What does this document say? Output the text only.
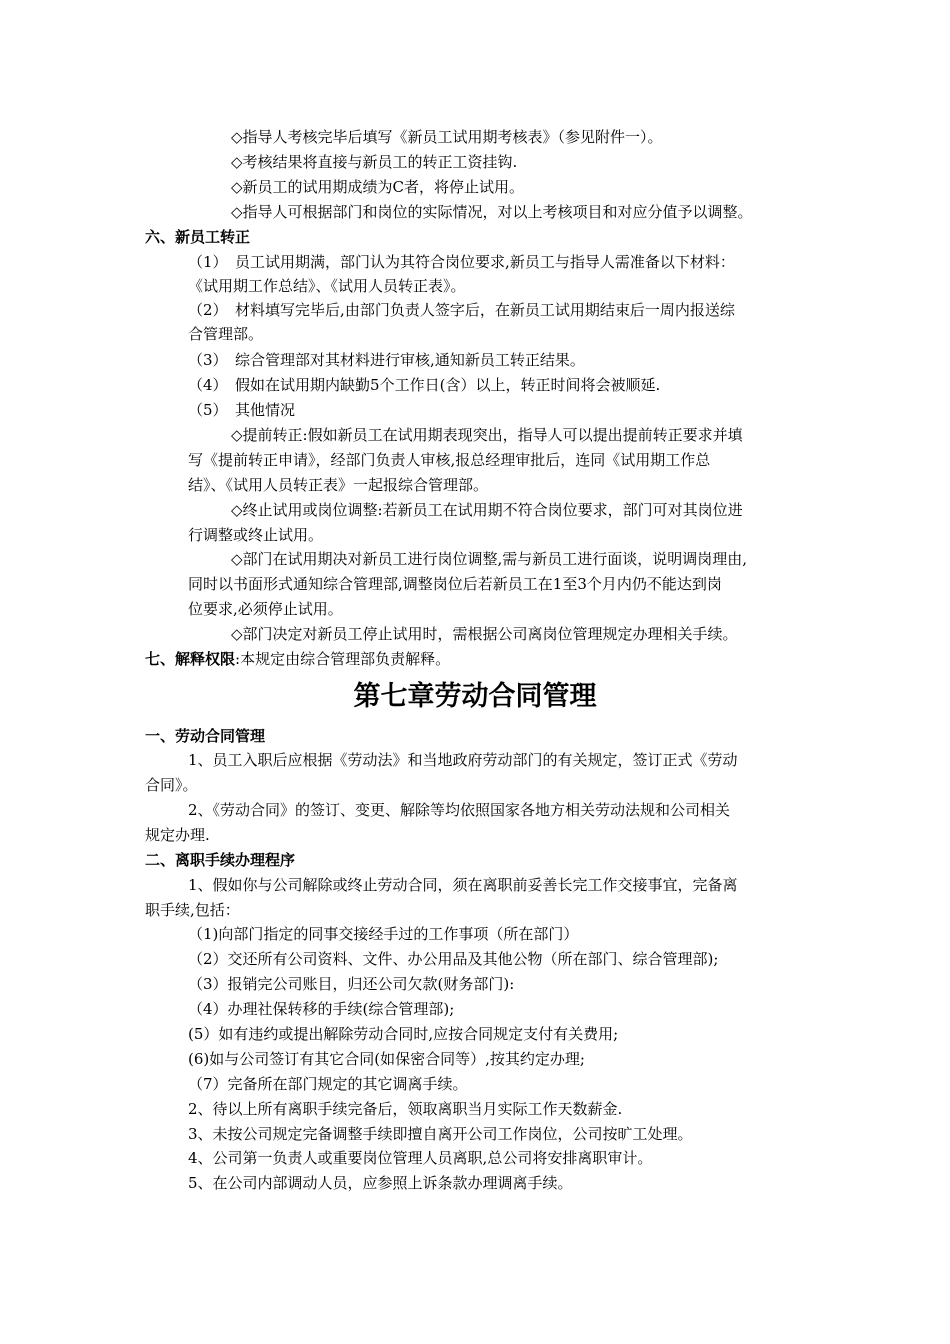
◇指导人考核完毕后填写《新员工试用期考核表》（参见附件一）。
◇考核结果将直接与新员工的转正工资挂钩.
◇新员工的试用期成绩为C者，将停止试用。
◇指导人可根据部门和岗位的实际情况，对以上考核项目和对应分值予以调整。
六、新员工转正
（1）　员工试用期满，部门认为其符合岗位要求,新员工与指导人需准备以下材料：
《试用期工作总结》、《试用人员转正表》。
（2）　材料填写完毕后,由部门负责人签字后，在新员工试用期结束后一周内报送综
合管理部。
（3）　综合管理部对其材料进行审核,通知新员工转正结果。
（4）　假如在试用期内缺勤5个工作日(含）以上，转正时间将会被顺延.
（5）　其他情况
◇提前转正:假如新员工在试用期表现突出，指导人可以提出提前转正要求并填
写《提前转正申请》，经部门负责人审核,报总经理审批后，连同《试用期工作总
结》、《试用人员转正表》一起报综合管理部。
◇终止试用或岗位调整:若新员工在试用期不符合岗位要求，部门可对其岗位进
行调整或终止试用。
◇部门在试用期决对新员工进行岗位调整,需与新员工进行面谈，说明调岗理由,
同时以书面形式通知综合管理部,调整岗位后若新员工在1至3个月内仍不能达到岗
位要求,必须停止试用。
◇部门决定对新员工停止试用时，需根据公司离岗位管理规定办理相关手续。
七、解释权限:本规定由综合管理部负责解释。
第七章劳动合同管理
一、劳动合同管理
1、员工入职后应根据《劳动法》和当地政府劳动部门的有关规定，签订正式《劳动
合同》。
2、《劳动合同》的签订、变更、解除等均依照国家各地方相关劳动法规和公司相关
规定办理.
二、离职手续办理程序
1、假如你与公司解除或终止劳动合同，须在离职前妥善长完工作交接事宜，完备离
职手续,包括：
（1)向部门指定的同事交接经手过的工作事项（所在部门）
（2）交还所有公司资料、文件、办公用品及其他公物（所在部门、综合管理部);
（3）报销完公司账目，归还公司欠款(财务部门):
（4）办理社保转移的手续(综合管理部);
(5）如有违约或提出解除劳动合同时,应按合同规定支付有关费用;
(6)如与公司签订有其它合同(如保密合同等）,按其约定办理;
（7）完备所在部门规定的其它调离手续。
2、待以上所有离职手续完备后，领取离职当月实际工作天数薪金.
3、未按公司规定完备调整手续即擅自离开公司工作岗位，公司按旷工处理。
4、公司第一负责人或重要岗位管理人员离职,总公司将安排离职审计。
5、在公司内部调动人员，应参照上诉条款办理调离手续。
